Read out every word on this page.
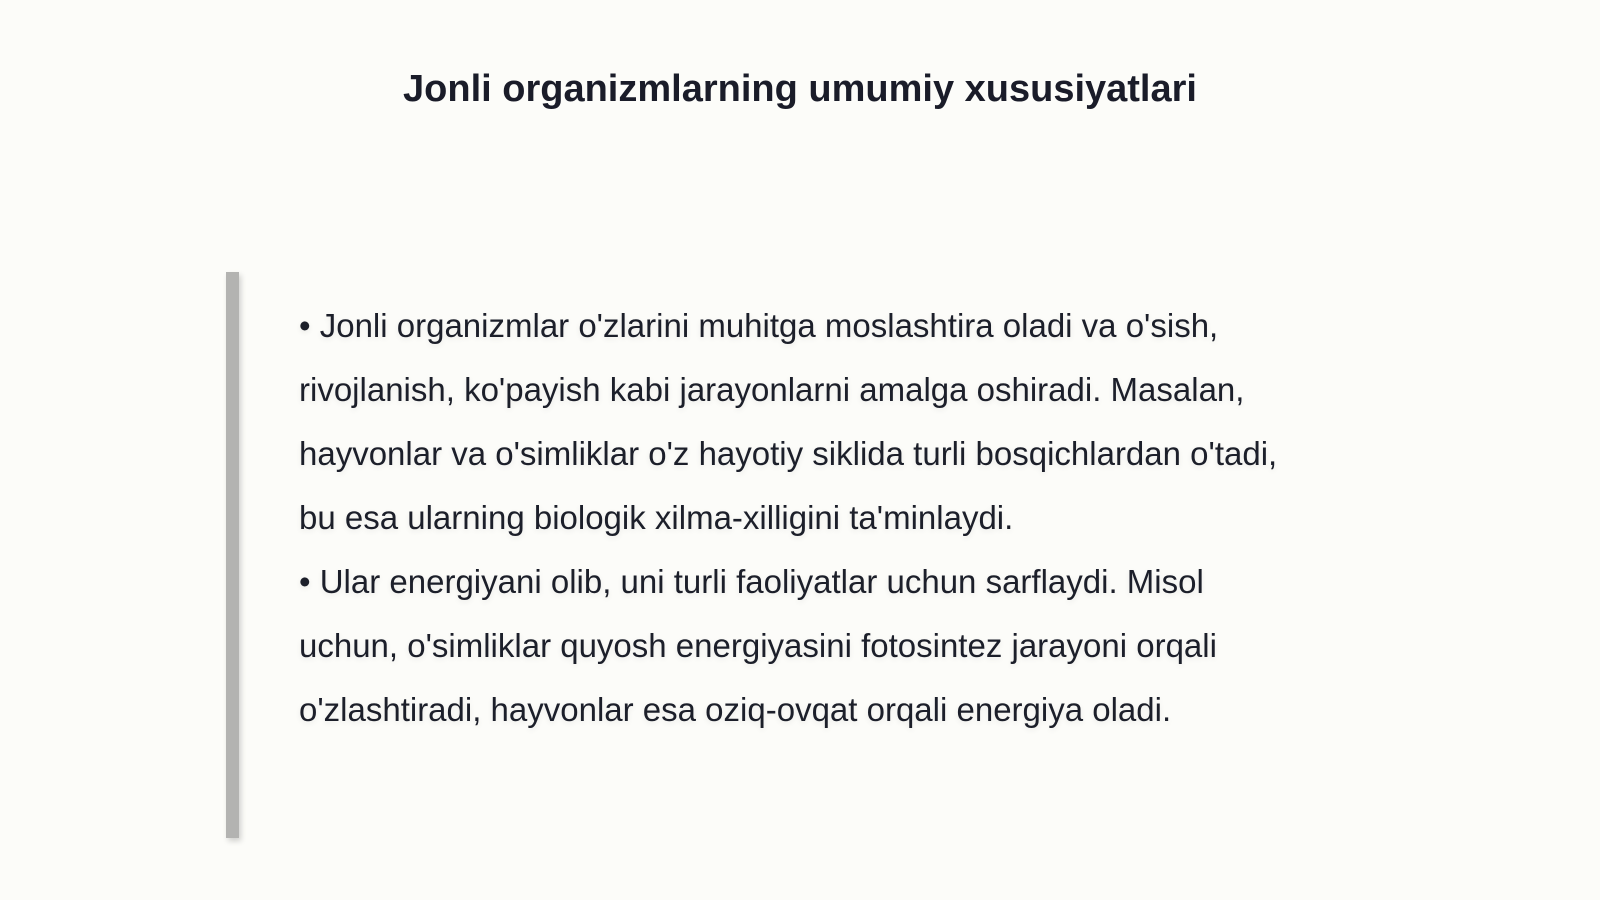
Jonli organizmlarning umumiy xususiyatlari

• Jonli organizmlar o'zlarini muhitga moslashtira oladi va o'sish, rivojlanish, ko'payish kabi jarayonlarni amalga oshiradi. Masalan, hayvonlar va o'simliklar o'z hayotiy siklida turli bosqichlardan o'tadi, bu esa ularning biologik xilma-xilligini ta'minlaydi.

• Ular energiyani olib, uni turli faoliyatlar uchun sarflaydi. Misol uchun, o'simliklar quyosh energiyasini fotosintez jarayoni orqali o'zlashtiradi, hayvonlar esa oziq-ovqat orqali energiya oladi.
